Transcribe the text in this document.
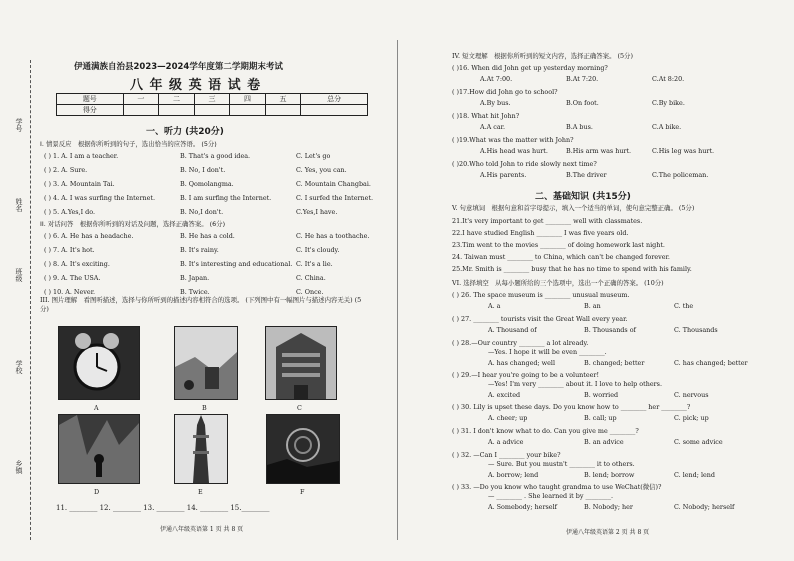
学号
姓名
班级
学校
乡镇
伊通满族自治县2023—2024学年度第二学期期末考试
八 年 级 英 语 试 卷
题号	一	二	三	四	五	总分
得分						
一、听力 (共20分)
I. 情景反应　根据你所听到的句子，选出恰当的应答语。 (5分)
( ) 1. A. I am a teacher.	B. That's a good idea.	C. Let's go
( ) 2. A. Sure.	B. No, I don't.	C. Yes, you can.
( ) 3. A. Mountain Tai.	B. Qomolangma.	C. Mountain Changbai.
( ) 4. A. I was surfing the Internet.	B. I am surfing the Internet.	C. I surfed the Internet.
( ) 5. A.Yes,I do.	B. No,I don't.	C.Yes,I have.
II. 对话问答　根据你所听到的对话及问题，选择正确答案。 (6分)
( ) 6. A. He has a headache.	B. He has a cold.	C. He has a toothache.
( ) 7. A. It's hot.	B. It's rainy.	C. It's cloudy.
( ) 8. A. It's exciting.	B. It's interesting and educational. C. It's a lie.
( ) 9. A. The USA.	B. Japan.	C. China.
( ) 10. A. Never.	B. Twice.	C. Once.
III. 图片理解　看图听描述，选择与你所听到的描述内容相符合的选项。 (下列图中有一幅图片与描述内容无关) (5分)
A	B	C
D	E	F
11. ________ 12. ________ 13. ________ 14. ________ 15.________
伊通八年级英语第 1 页 共 8 页
IV. 短文理解　根据你所听到的短文内容，选择正确答案。 (5分)
( )16. When did John get up yesterday morning?
A.At 7:00.	B.At 7:20.	C.At 8:20.
( )17.How did John go to school?
A.By bus.	B.On foot.	C.By bike.
( )18. What hit John?
A.A car.	B.A bus.	C.A bike.
( )19.What was the matter with John?
A.His head was hurt.	B.His arm was hurt.	C.His leg was hurt.
( )20.Who told John to ride slowly next time?
A.His parents.	B.The driver	C.The policeman.
二、基础知识 (共15分)
V. 句意填词　根据句意和首字母提示，填入一个适当的单词，使句意完整正确。 (5分)
21.It's very important to get ________ well with classmates.
22.I have studied English ________ I was five years old.
23.Tim went to the movies ________ of doing homework last night.
24. Taiwan must ________ to China, which can't be changed forever.
25.Mr. Smith is ________ busy that he has no time to spend with his family.
VI. 选择填空　从每小题所给的三个选项中，选出一个正确的答案。 (10分)
( ) 26. The space museum is ________ unusual museum.
A. a	B. an	C. the
( ) 27. ________ tourists visit the Great Wall every year.
A. Thousand of	B. Thousands of	C. Thousands
( ) 28.—Our country ________ a lot already.
—Yes. I hope it will be even ________.
A. has changed; well	B. changed; better	C. has changed; better
( ) 29.—I hear you're going to be a volunteer!
—Yes! I'm very ________ about it. I love to help others.
A. excited	B. worried	C. nervous
( ) 30. Lily is upset these days. Do you know how to ________ her ________?
A. cheer; up	B. call; up	C. pick; up
( ) 31. I don't know what to do. Can you give me ________?
A. a advice	B. an advice	C. some advice
( ) 32. —Can I ________ your bike?
— Sure. But you mustn't ________ it to others.
A. borrow; lend	B. lend; borrow	C. lend; lend
( ) 33. —Do you know who taught grandma to use WeChat(微信)?
— ________ . She learned it by ________.
A. Somebody; herself	B. Nobody; her	C. Nobody; herself
伊通八年级英语第 2 页 共 8 页
